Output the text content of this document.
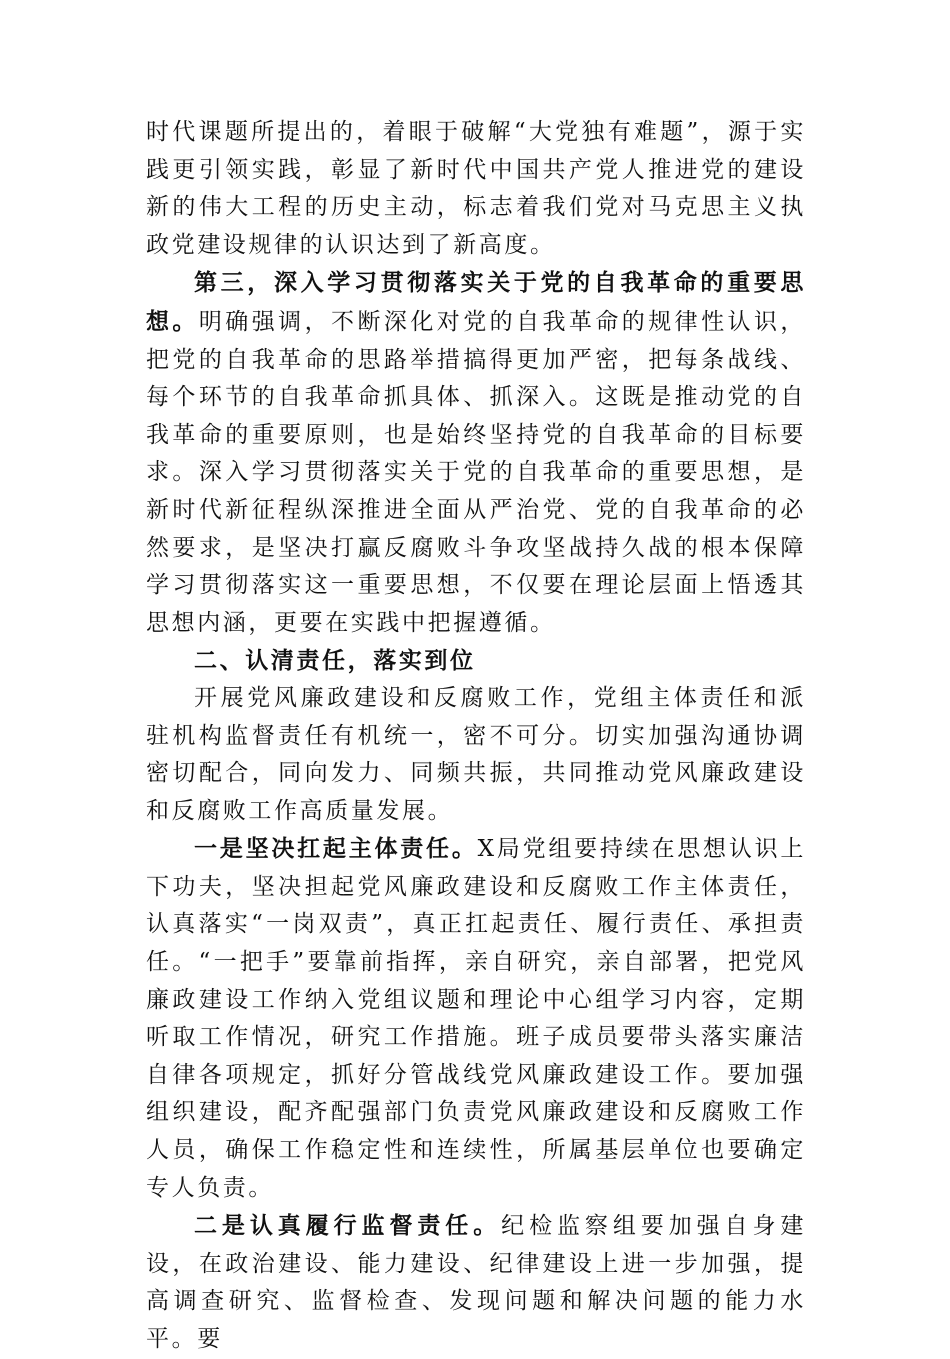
时代课题所提出的，着眼于破解“大党独有难题”，源于实践更引领实践，彰显了新时代中国共产党人推进党的建设新的伟大工程的历史主动，标志着我们党对马克思主义执政党建设规律的认识达到了新高度。

第三，深入学习贯彻落实关于党的自我革命的重要思想。明确强调，不断深化对党的自我革命的规律性认识，把党的自我革命的思路举措搞得更加严密，把每条战线、每个环节的自我革命抓具体、抓深入。这既是推动党的自我革命的重要原则，也是始终坚持党的自我革命的目标要求。深入学习贯彻落实关于党的自我革命的重要思想，是新时代新征程纵深推进全面从严治党、党的自我革命的必然要求，是坚决打赢反腐败斗争攻坚战持久战的根本保障学习贯彻落实这一重要思想，不仅要在理论层面上悟透其思想内涵，更要在实践中把握遵循。

二、认清责任，落实到位

开展党风廉政建设和反腐败工作，党组主体责任和派驻机构监督责任有机统一，密不可分。切实加强沟通协调密切配合，同向发力、同频共振，共同推动党风廉政建设和反腐败工作高质量发展。

一是坚决扛起主体责任。X局党组要持续在思想认识上下功夫，坚决担起党风廉政建设和反腐败工作主体责任，认真落实“一岗双责”，真正扛起责任、履行责任、承担责任。“一把手”要靠前指挥，亲自研究，亲自部署，把党风廉政建设工作纳入党组议题和理论中心组学习内容，定期听取工作情况，研究工作措施。班子成员要带头落实廉洁自律各项规定，抓好分管战线党风廉政建设工作。要加强组织建设，配齐配强部门负责党风廉政建设和反腐败工作人员，确保工作稳定性和连续性，所属基层单位也要确定专人负责。

二是认真履行监督责任。纪检监察组要加强自身建设，在政治建设、能力建设、纪律建设上进一步加强，提高调查研究、监督检查、发现问题和解决问题的能力水平。要
